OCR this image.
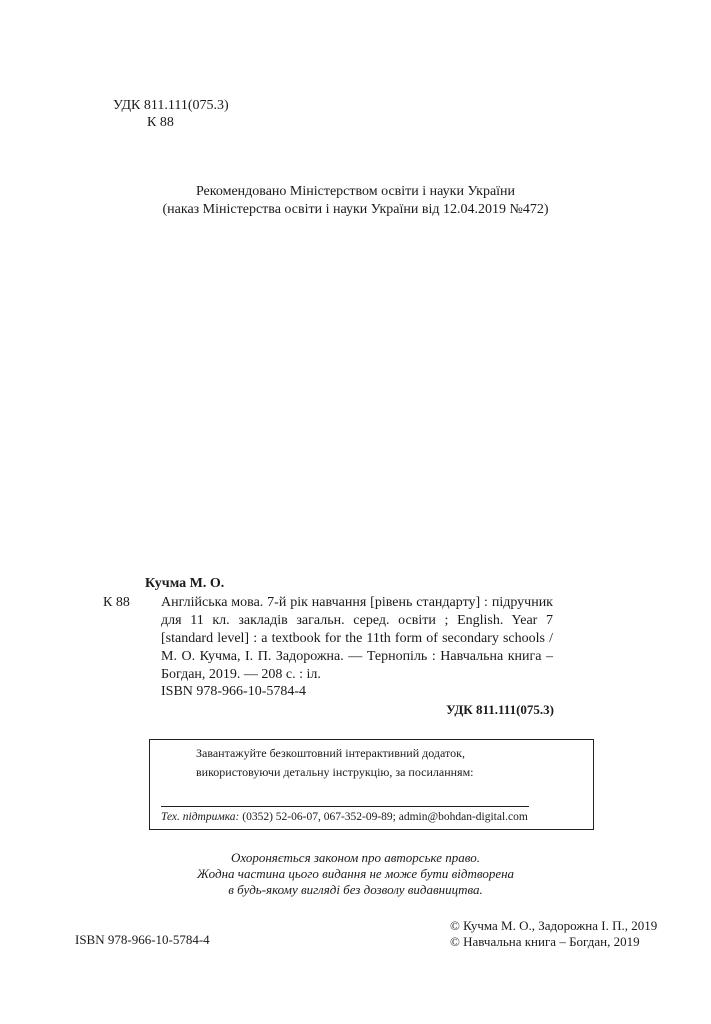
УДК 811.111(075.3)
К 88
Рекомендовано Міністерством освіти і науки України
(наказ Міністерства освіти і науки України від 12.04.2019 №472)
Кучма М. О.
К 88 Англійська мова. 7-й рік навчання [рівень стандарту] : підручник для 11 кл. закладів загальн. серед. освіти ; English. Year 7 [standard level] : a textbook for the 11th form of secondary schools / М. О. Кучма, І. П. Задорожна. — Тернопіль : Навчальна книга – Богдан, 2019. — 208 с. : іл.
ISBN 978-966-10-5784-4
УДК 811.111(075.3)
Завантажуйте безкоштовний інтерактивний додаток,
використовуючи детальну інструкцію, за посиланням:
Тех. підтримка: (0352) 52-06-07, 067-352-09-89; admin@bohdan-digital.com
Охороняється законом про авторське право.
Жодна частина цього видання не може бути відтворена
в будь-якому вигляді без дозволу видавництва.
ISBN 978-966-10-5784-4
© Кучма М. О., Задорожна І. П., 2019
© Навчальна книга – Богдан, 2019
